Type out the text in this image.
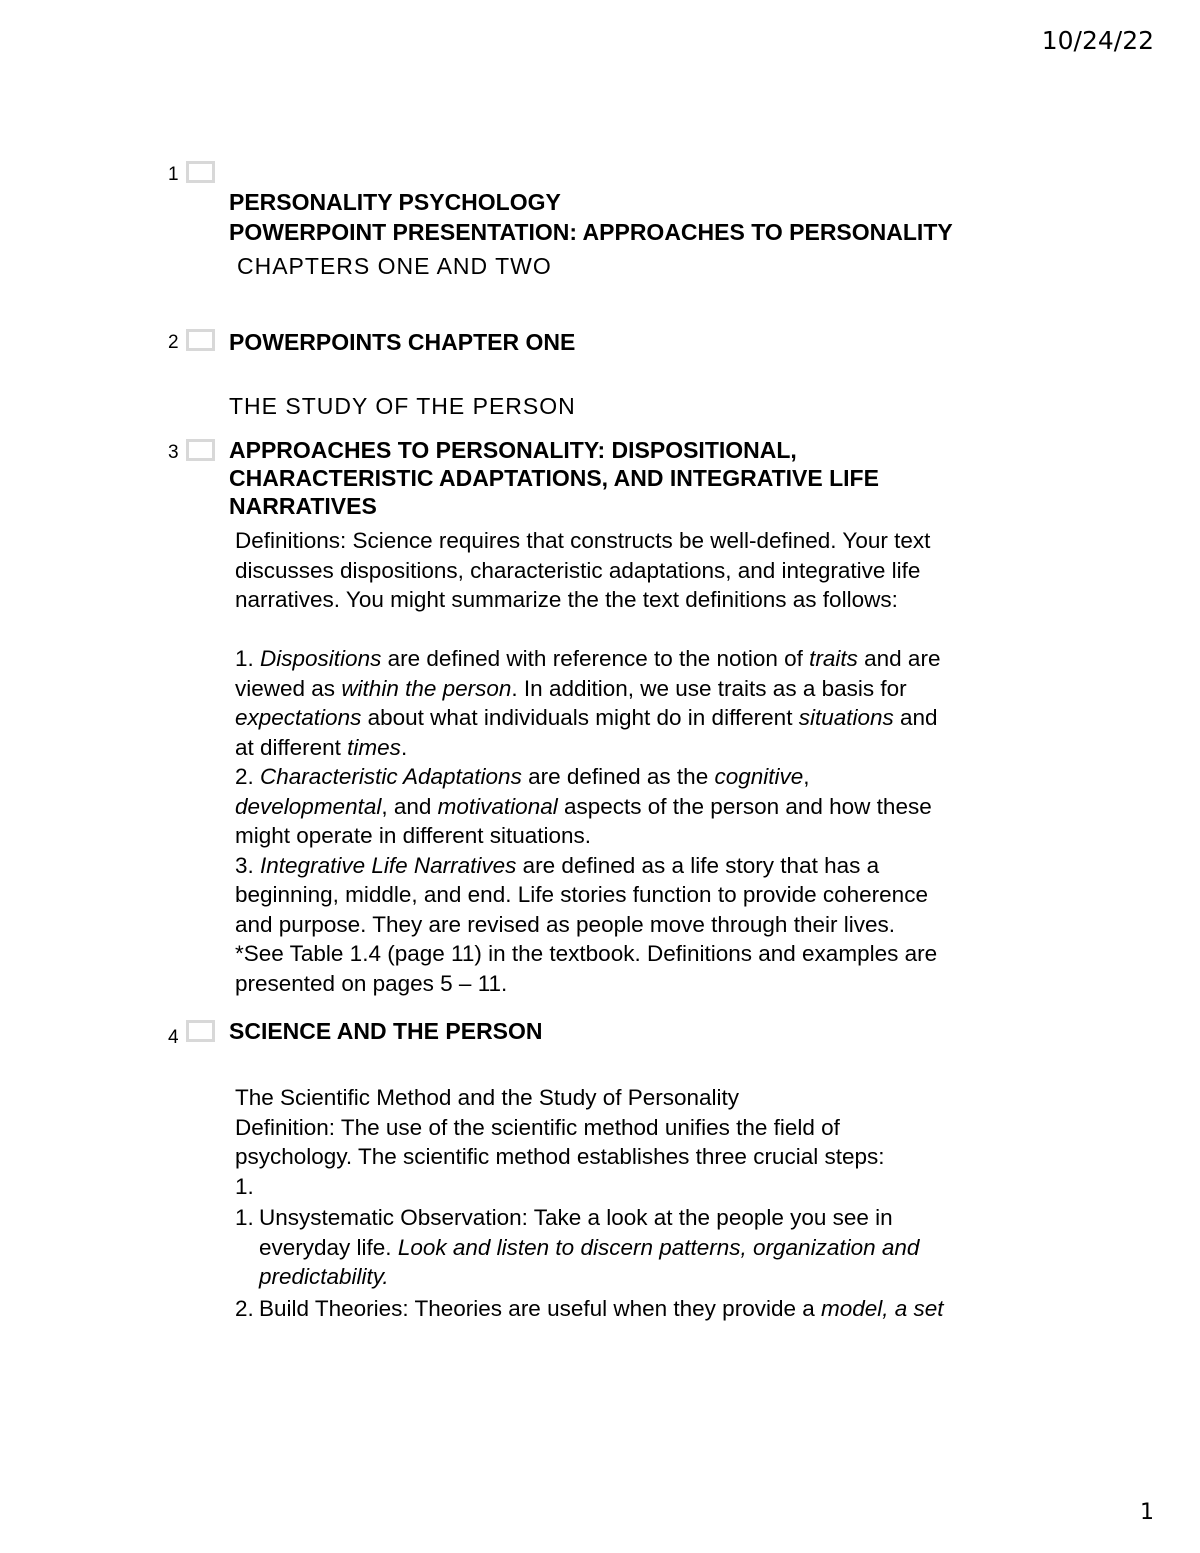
10/24/22
1
PERSONALITY PSYCHOLOGY
POWERPOINT PRESENTATION: APPROACHES TO PERSONALITY
CHAPTERS ONE AND TWO
2 POWERPOINTS CHAPTER ONE
THE STUDY OF THE PERSON
3 APPROACHES TO PERSONALITY: DISPOSITIONAL,
CHARACTERISTIC ADAPTATIONS, AND INTEGRATIVE LIFE
NARRATIVES
Definitions: Science requires that constructs be well-defined. Your text
discusses dispositions, characteristic adaptations, and integrative life
narratives. You might summarize the the text definitions as follows:

1. Dispositions are defined with reference to the notion of traits and are
viewed as within the person. In addition, we use traits as a basis for
expectations about what individuals might do in different situations and
at different times.
2. Characteristic Adaptations are defined as the cognitive,
developmental, and motivational aspects of the person and how these
might operate in different situations.
3. Integrative Life Narratives are defined as a life story that has a
beginning, middle, and end. Life stories function to provide coherence
and purpose. They are revised as people move through their lives.
*See Table 1.4 (page 11) in the textbook. Definitions and examples are
presented on pages 5 – 11.
4 SCIENCE AND THE PERSON
The Scientific Method and the Study of Personality
Definition: The use of the scientific method unifies the field of
psychology. The scientific method establishes three crucial steps:
1.

1. Unsystematic Observation: Take a look at the people you see in
everyday life. Look and listen to discern patterns, organization and
predictability.
2. Build Theories: Theories are useful when they provide a model, a set
1
